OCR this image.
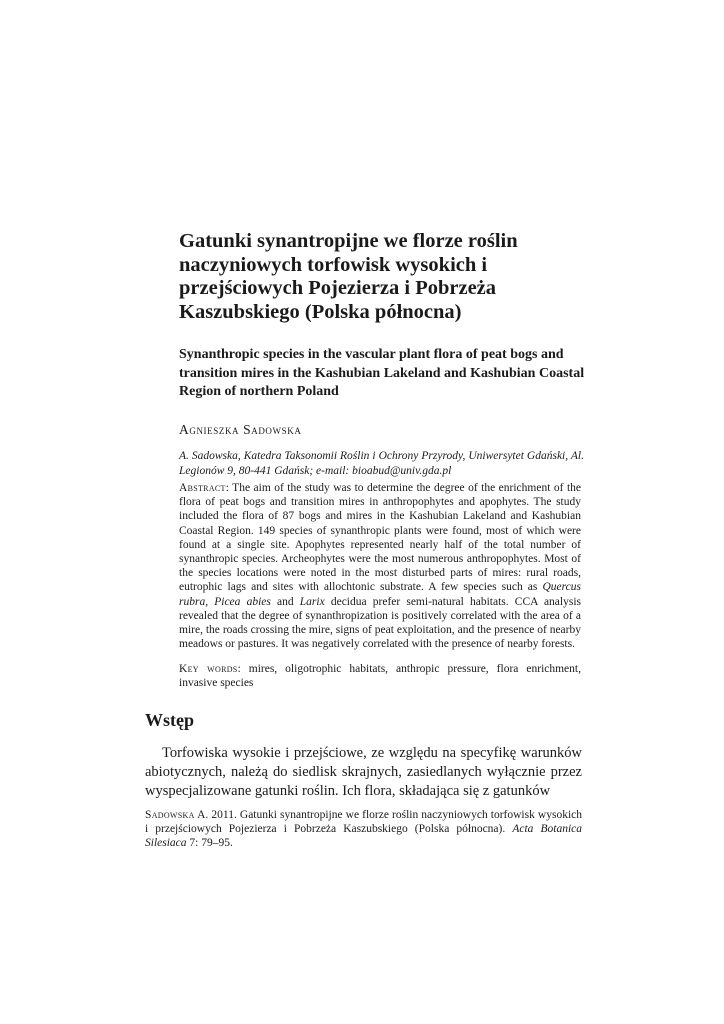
Gatunki synantropijne we florze roślin naczyniowych torfowisk wysokich i przejściowych Pojezierza i Pobrzeża Kaszubskiego (Polska północna)
Synanthropic species in the vascular plant flora of peat bogs and transition mires in the Kashubian Lakeland and Kashubian Coastal Region of northern Poland

Agnieszka Sadowska

A. Sadowska, Katedra Taksonomii Roślin i Ochrony Przyrody, Uniwersytet Gdański, Al. Legionów 9, 80-441 Gdańsk; e-mail: bioabud@univ.gda.pl

Abstract: The aim of the study was to determine the degree of the enrichment of the flora of peat bogs and transition mires in anthropophytes and apophytes. The study included the flora of 87 bogs and mires in the Kashubian Lakeland and Kashubian Coastal Region. 149 species of synanthropic plants were found, most of which were found at a single site. Apophytes represented nearly half of the total number of synanthropic species. Archeophytes were the most numerous anthropophytes. Most of the species locations were noted in the most disturbed parts of mires: rural roads, eutrophic lags and sites with allochtonic substrate. A few species such as Quercus rubra, Picea abies and Larix decidua prefer semi-natural habitats. CCA analysis revealed that the degree of synanthropization is positively correlated with the area of a mire, the roads crossing the mire, signs of peat exploitation, and the presence of nearby meadows or pastures. It was negatively correlated with the presence of nearby forests.

Key words: mires, oligotrophic habitats, anthropic pressure, flora enrichment, invasive species

Wstęp

Torfowiska wysokie i przejściowe, ze względu na specyfikę warunków abiotycznych, należą do siedlisk skrajnych, zasiedlanych wyłącznie przez wyspecjalizowane gatunki roślin. Ich flora, składająca się z gatunków

Sadowska A. 2011. Gatunki synantropijne we florze roślin naczyniowych torfowisk wysokich i przejściowych Pojezierza i Pobrzeża Kaszubskiego (Polska północna). Acta Botanica Silesiaca 7: 79–95.
